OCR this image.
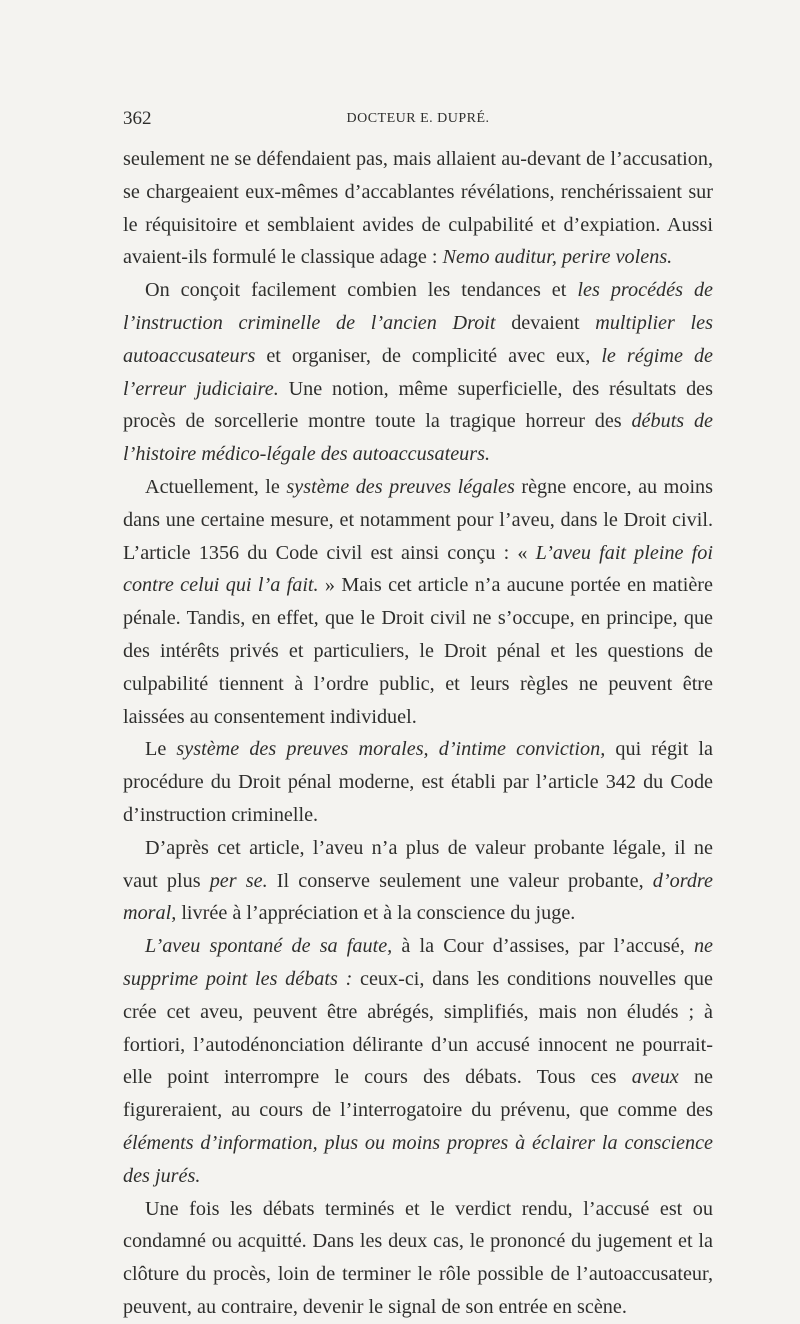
362	DOCTEUR E. DUPRÉ.

seulement ne se défendaient pas, mais allaient au-devant de l’accusation, se chargeaient eux-mêmes d’accablantes révélations, renchérissaient sur le réquisitoire et semblaient avides de culpabilité et d’expiation. Aussi avaient-ils formulé le classique adage : Nemo auditur, perire volens.

On conçoit facilement combien les tendances et les procédés de l’instruction criminelle de l’ancien Droit devaient multiplier les autoaccusateurs et organiser, de complicité avec eux, le régime de l’erreur judiciaire. Une notion, même superficielle, des résultats des procès de sorcellerie montre toute la tragique horreur des débuts de l’histoire médico-légale des autoaccusateurs.

Actuellement, le système des preuves légales règne encore, au moins dans une certaine mesure, et notamment pour l’aveu, dans le Droit civil. L’article 1356 du Code civil est ainsi conçu : « L’aveu fait pleine foi contre celui qui l’a fait. » Mais cet article n’a aucune portée en matière pénale. Tandis, en effet, que le Droit civil ne s’occupe, en principe, que des intérêts privés et particuliers, le Droit pénal et les questions de culpabilité tiennent à l’ordre public, et leurs règles ne peuvent être laissées au consentement individuel.

Le système des preuves morales, d’intime conviction, qui régit la procédure du Droit pénal moderne, est établi par l’article 342 du Code d’instruction criminelle.

D’après cet article, l’aveu n’a plus de valeur probante légale, il ne vaut plus per se. Il conserve seulement une valeur probante, d’ordre moral, livrée à l’appréciation et à la conscience du juge.

L’aveu spontané de sa faute, à la Cour d’assises, par l’accusé, ne supprime point les débats : ceux-ci, dans les conditions nouvelles que crée cet aveu, peuvent être abrégés, simplifiés, mais non éludés ; à fortiori, l’autodénonciation délirante d’un accusé innocent ne pourrait-elle point interrompre le cours des débats. Tous ces aveux ne figureraient, au cours de l’interrogatoire du prévenu, que comme des éléments d’information, plus ou moins propres à éclairer la conscience des jurés.

Une fois les débats terminés et le verdict rendu, l’accusé est ou condamné ou acquitté. Dans les deux cas, le prononcé du jugement et la clôture du procès, loin de terminer le rôle possible de l’autoaccusateur, peuvent, au contraire, devenir le signal de son entrée en scène.
